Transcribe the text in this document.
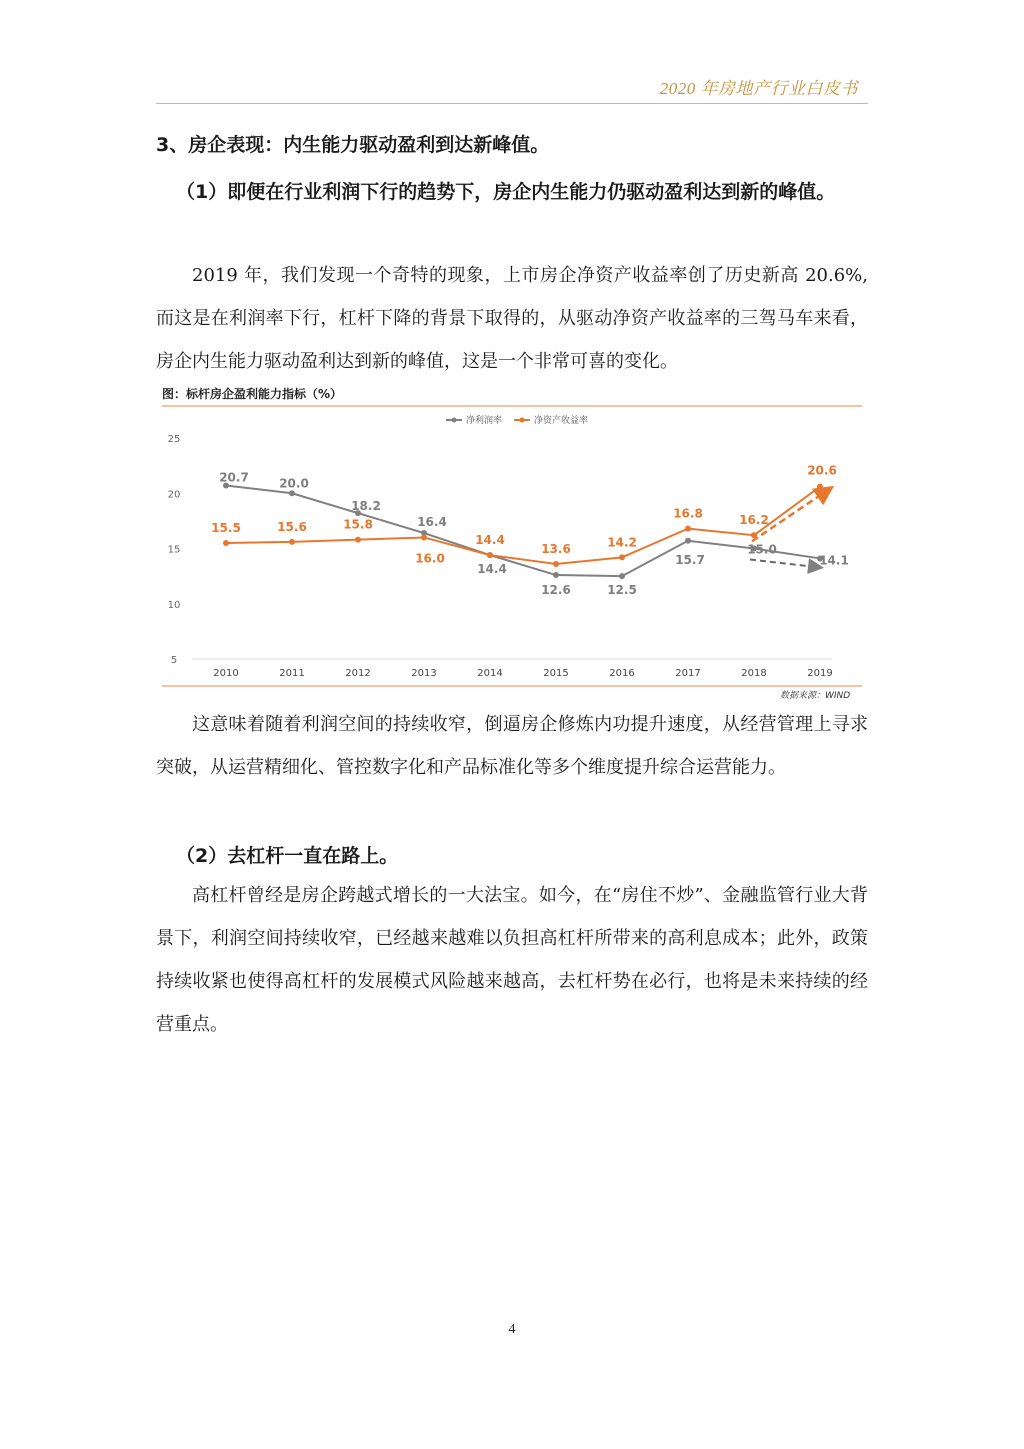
2020 年房地产行业白皮书
3、房企表现：内生能力驱动盈利到达新峰值。
（1）即便在行业利润下行的趋势下，房企内生能力仍驱动盈利达到新的峰值。
2019 年，我们发现一个奇特的现象，上市房企净资产收益率创了历史新高 20.6%,而这是在利润率下行，杠杆下降的背景下取得的，从驱动净资产收益率的三驾马车来看，房企内生能力驱动盈利达到新的峰值，这是一个非常可喜的变化。
图：标杆房企盈利能力指标（%）
净利润率	净资产收益率
5
10
15
20
25
2010	2011	2012	2013	2014	2015	2016	2017	2018	2019
20.7	20.0
18.2
16.4
14.4
12.6	12.5
15.7
15.0
14.1
15.5	15.6	15.8
16.0
14.4
13.6	14.2
16.8	16.2
20.6
数据来源：WIND
这意味着随着利润空间的持续收窄，倒逼房企修炼内功提升速度，从经营管理上寻求突破，从运营精细化、管控数字化和产品标准化等多个维度提升综合运营能力。
（2）去杠杆一直在路上。
高杠杆曾经是房企跨越式增长的一大法宝。如今，在“房住不炒”、金融监管行业大背景下，利润空间持续收窄，已经越来越难以负担高杠杆所带来的高利息成本；此外，政策持续收紧也使得高杠杆的发展模式风险越来越高，去杠杆势在必行，也将是未来持续的经营重点。
4
